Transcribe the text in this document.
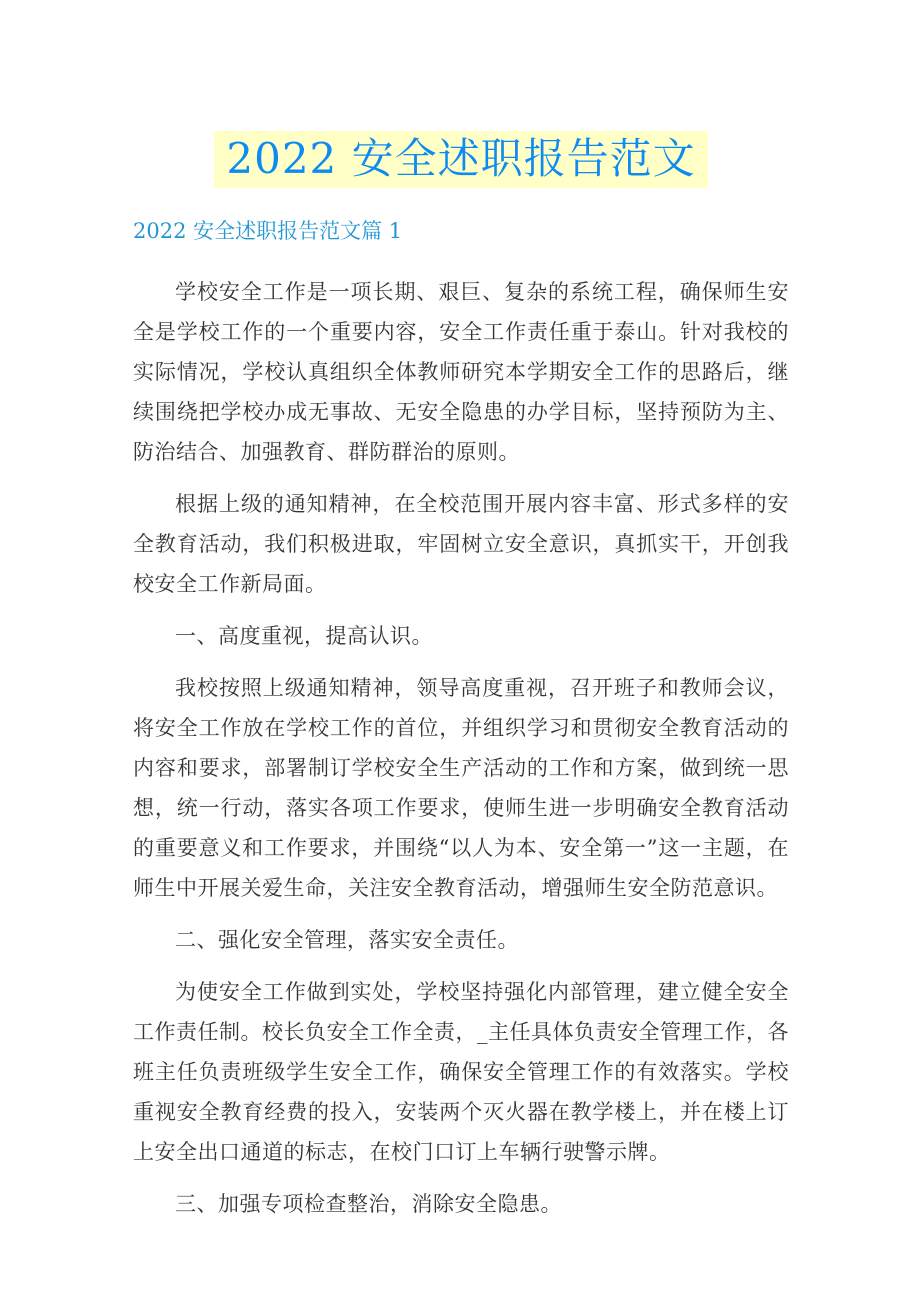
2022 安全述职报告范文
2022 安全述职报告范文篇 1

学校安全工作是一项长期、艰巨、复杂的系统工程，确保师生安全是学校工作的一个重要内容，安全工作责任重于泰山。针对我校的实际情况，学校认真组织全体教师研究本学期安全工作的思路后，继续围绕把学校办成无事故、无安全隐患的办学目标，坚持预防为主、防治结合、加强教育、群防群治的原则。

根据上级的通知精神，在全校范围开展内容丰富、形式多样的安全教育活动，我们积极进取，牢固树立安全意识，真抓实干，开创我校安全工作新局面。

一、高度重视，提高认识。

我校按照上级通知精神，领导高度重视，召开班子和教师会议，将安全工作放在学校工作的首位，并组织学习和贯彻安全教育活动的内容和要求，部署制订学校安全生产活动的工作和方案，做到统一思想，统一行动，落实各项工作要求，使师生进一步明确安全教育活动的重要意义和工作要求，并围绕“以人为本、安全第一”这一主题，在师生中开展关爱生命，关注安全教育活动，增强师生安全防范意识。

二、强化安全管理，落实安全责任。

为使安全工作做到实处，学校坚持强化内部管理，建立健全安全工作责任制。校长负安全工作全责，_主任具体负责安全管理工作，各班主任负责班级学生安全工作，确保安全管理工作的有效落实。学校重视安全教育经费的投入，安装两个灭火器在教学楼上，并在楼上订上安全出口通道的标志，在校门口订上车辆行驶警示牌。

三、加强专项检查整治，消除安全隐患。
